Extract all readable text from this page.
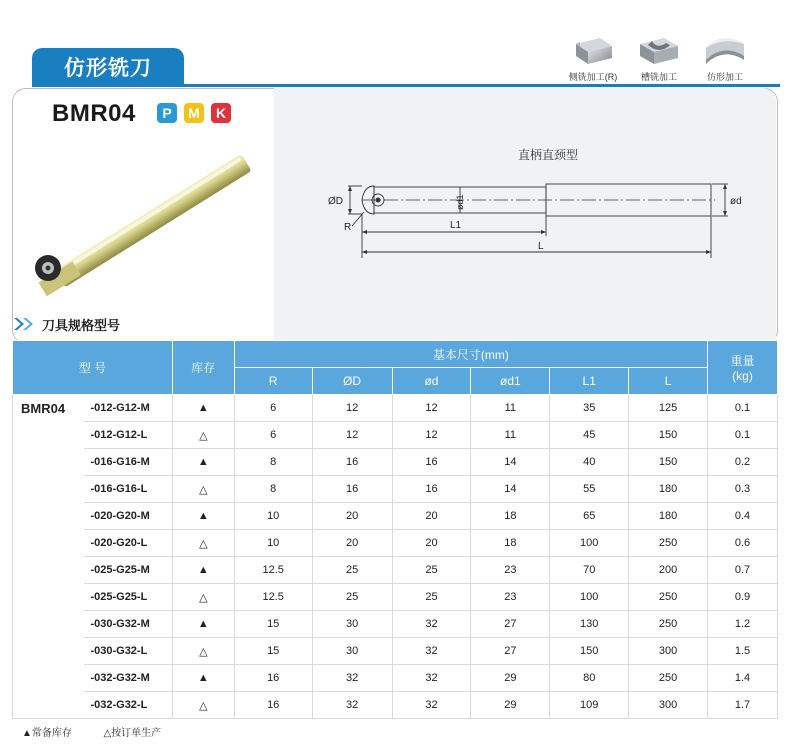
仿形铣刀	侧铣加工(R)	槽铣加工	仿形加工
BMR04	P	M	K
直柄直颈型
ØD	ød
ød1
R	L1
L
刀具规格型号
型 号		库存	基本尺寸(mm)						重量
(kg)

			R	ØD	ød	ød1	L1	L	
BMR04	-012-G12-M	▲	6	12	12	11	35	125	0.1
	-012-G12-L	△	6	12	12	11	45	150	0.1
	-016-G16-M	▲	8	16	16	14	40	150	0.2
	-016-G16-L	△	8	16	16	14	55	180	0.3
	-020-G20-M	▲	10	20	20	18	65	180	0.4
	-020-G20-L	△	10	20	20	18	100	250	0.6
	-025-G25-M	▲	12.5	25	25	23	70	200	0.7
	-025-G25-L	△	12.5	25	25	23	100	250	0.9
	-030-G32-M	▲	15	30	32	27	130	250	1.2
	-030-G32-L	△	15	30	32	27	150	300	1.5
	-032-G32-M	▲	16	32	32	29	80	250	1.4
	-032-G32-L	△	16	32	32	29	109	300	1.7
▲常备库存	△按订单生产
